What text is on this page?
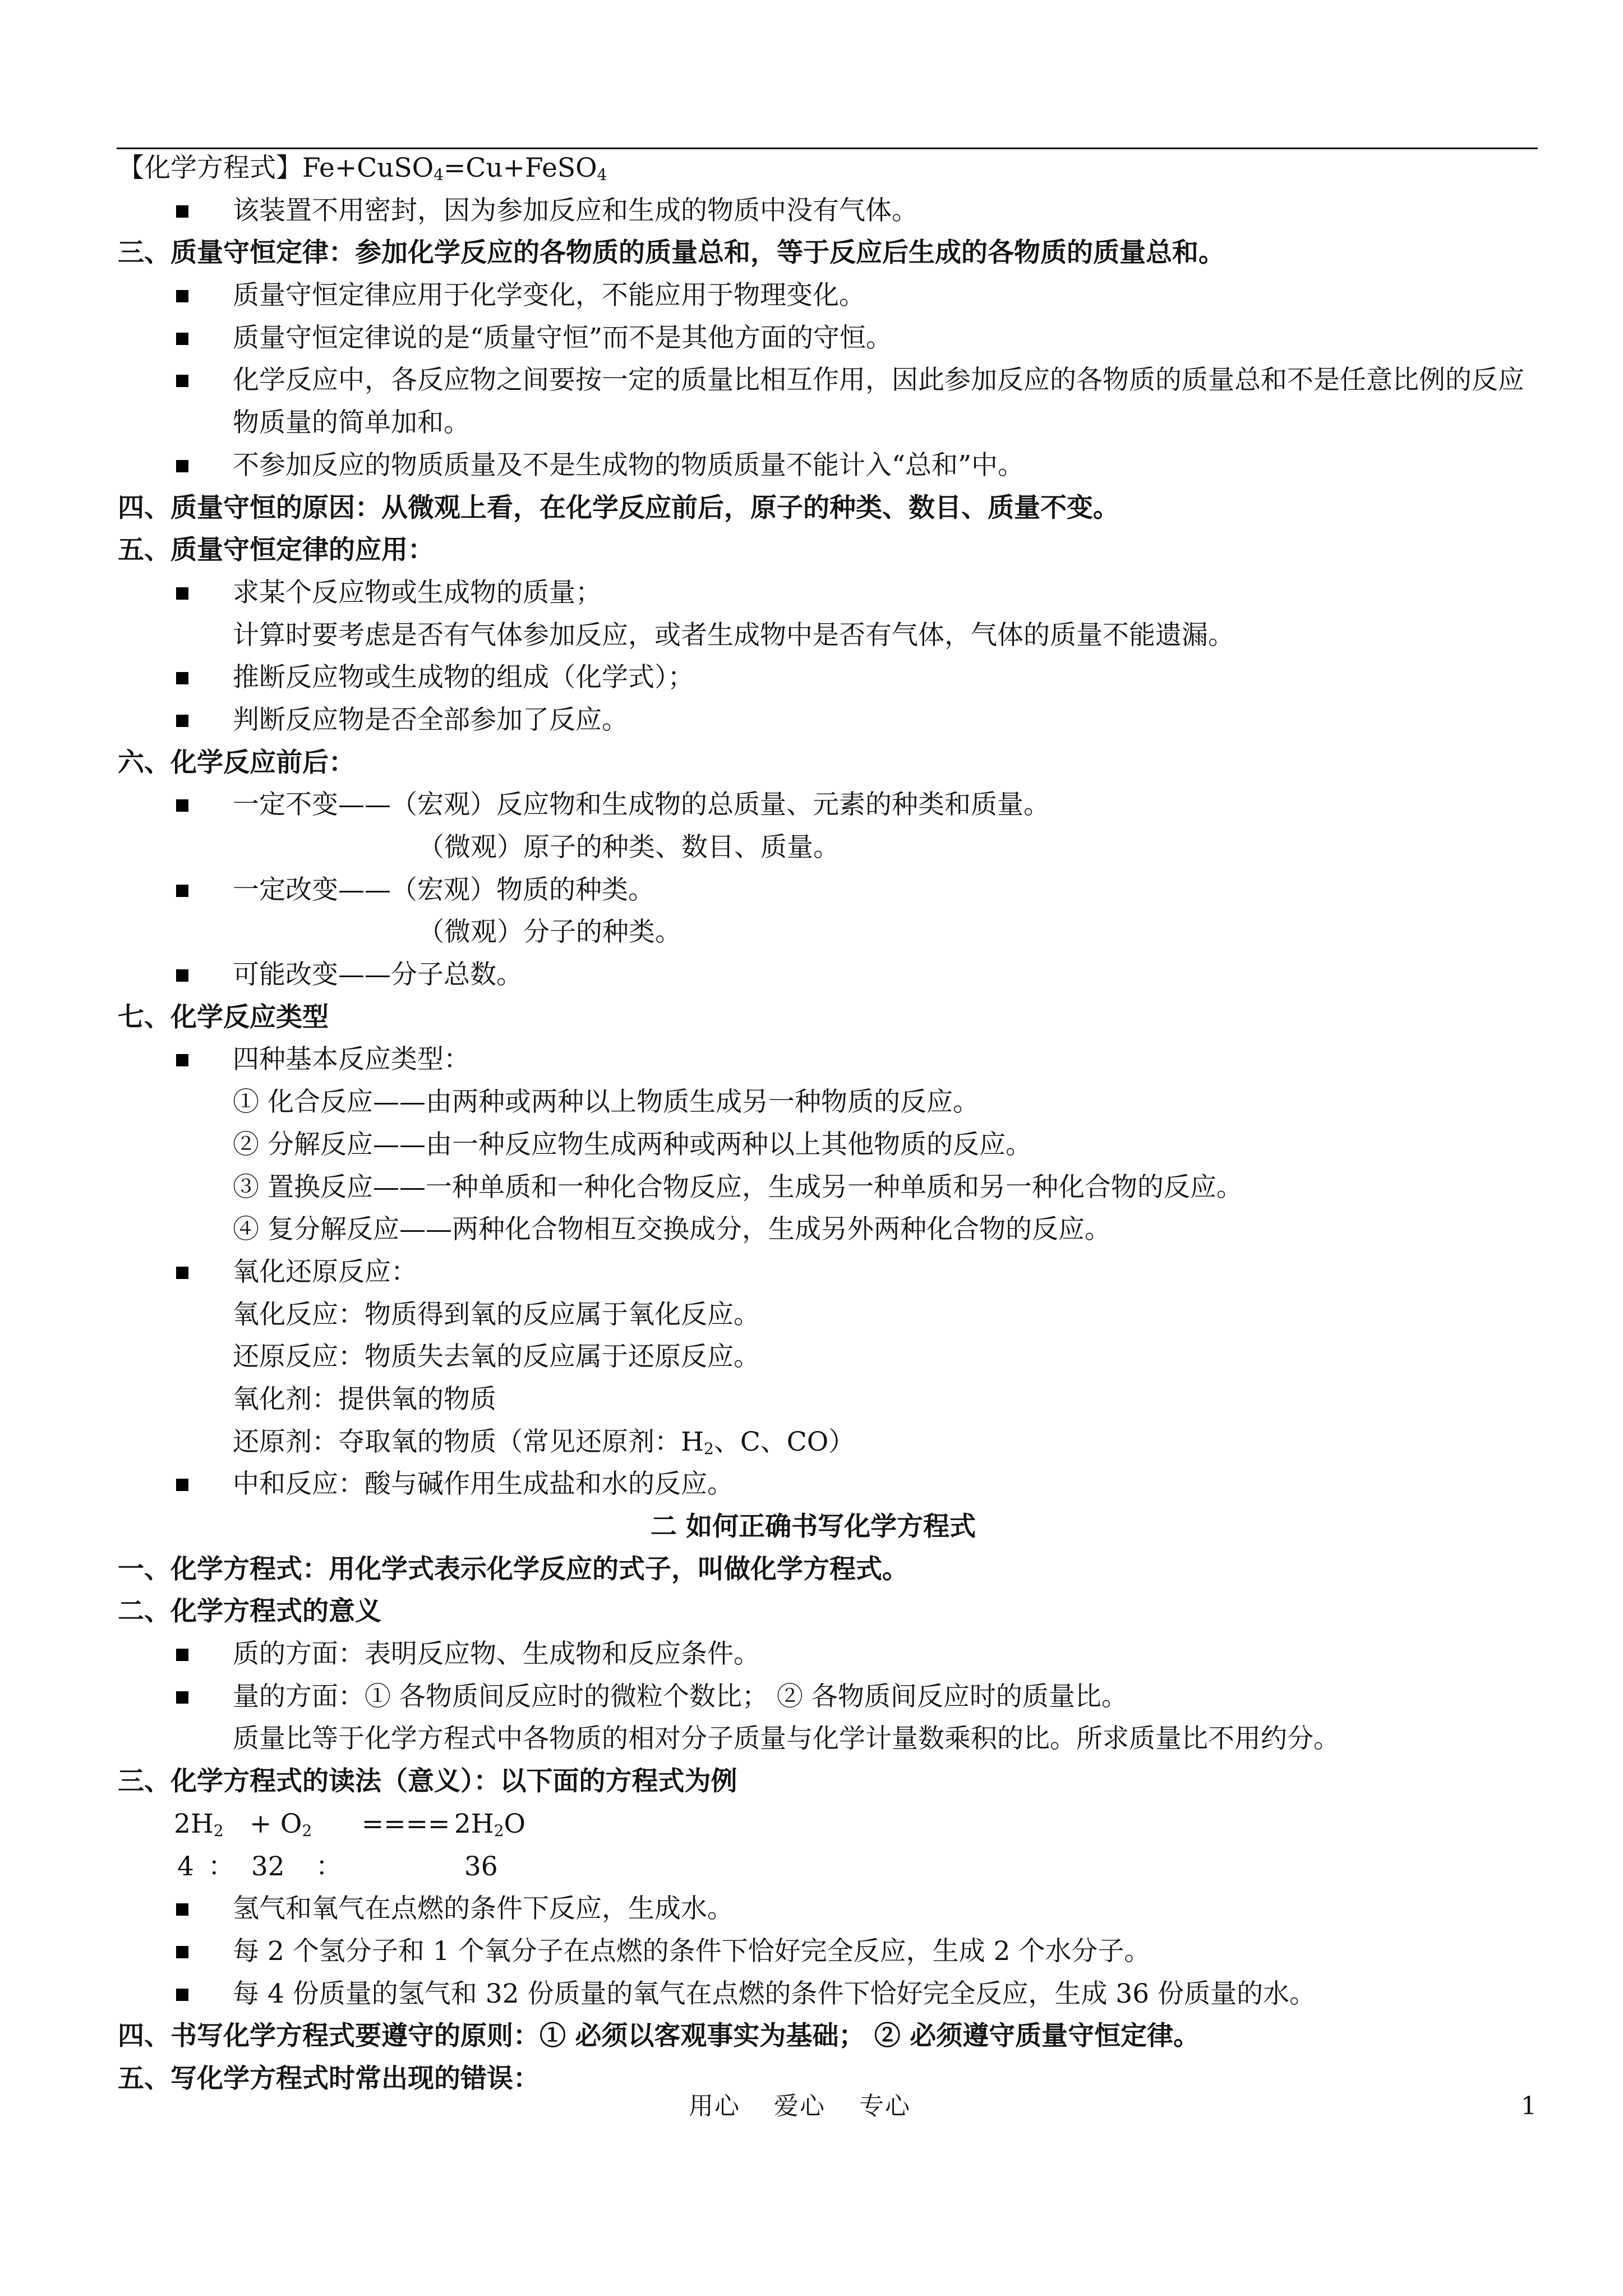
【化学方程式】Fe+CuSO$_4$=Cu+FeSO$_4$
该装置不用密封，因为参加反应和生成的物质中没有气体。
三、质量守恒定律：参加化学反应的各物质的质量总和，等于反应后生成的各物质的质量总和。
质量守恒定律应用于化学变化，不能应用于物理变化。
质量守恒定律说的是“质量守恒”而不是其他方面的守恒。
化学反应中，各反应物之间要按一定的质量比相互作用，因此参加反应的各物质的质量总和不是任意比例的反应物质量的简单加和。
不参加反应的物质质量及不是生成物的物质质量不能计入“总和”中。
四、质量守恒的原因：从微观上看，在化学反应前后，原子的种类、数目、质量不变。
五、质量守恒定律的应用：
求某个反应物或生成物的质量；
计算时要考虑是否有气体参加反应，或者生成物中是否有气体，气体的质量不能遗漏。
推断反应物或生成物的组成（化学式）；
判断反应物是否全部参加了反应。
六、化学反应前后：
一定不变——（宏观）反应物和生成物的总质量、元素的种类和质量。
（微观）原子的种类、数目、质量。
一定改变——（宏观）物质的种类。
（微观）分子的种类。
可能改变——分子总数。
七、化学反应类型
四种基本反应类型：
① 化合反应——由两种或两种以上物质生成另一种物质的反应。
② 分解反应——由一种反应物生成两种或两种以上其他物质的反应。
③ 置换反应——一种单质和一种化合物反应，生成另一种单质和另一种化合物的反应。
④ 复分解反应——两种化合物相互交换成分，生成另外两种化合物的反应。
氧化还原反应：
氧化反应：物质得到氧的反应属于氧化反应。
还原反应：物质失去氧的反应属于还原反应。
氧化剂：提供氧的物质
还原剂：夺取氧的物质（常见还原剂：$H_2$、C、CO）
中和反应：酸与碱作用生成盐和水的反应。
二 如何正确书写化学方程式
一、化学方程式：用化学式表示化学反应的式子，叫做化学方程式。
二、化学方程式的意义
质的方面：表明反应物、生成物和反应条件。
量的方面：① 各物质间反应时的微粒个数比； ② 各物质间反应时的质量比。
质量比等于化学方程式中各物质的相对分子质量与化学计量数乘积的比。所求质量比不用约分。
三、化学方程式的读法（意义）：以下面的方程式为例
$2H_2 + O_2$ ==== $2H_2O$
4 ： 32 ：	36
氢气和氧气在点燃的条件下反应，生成水。
每 2 个氢分子和 1 个氧分子在点燃的条件下恰好完全反应，生成 2 个水分子。
每 4 份质量的氢气和 32 份质量的氧气在点燃的条件下恰好完全反应，生成 36 份质量的水。
四、书写化学方程式要遵守的原则：① 必须以客观事实为基础； ② 必须遵守质量守恒定律。
五、写化学方程式时常出现的错误：
用心 爱心 专心	1
